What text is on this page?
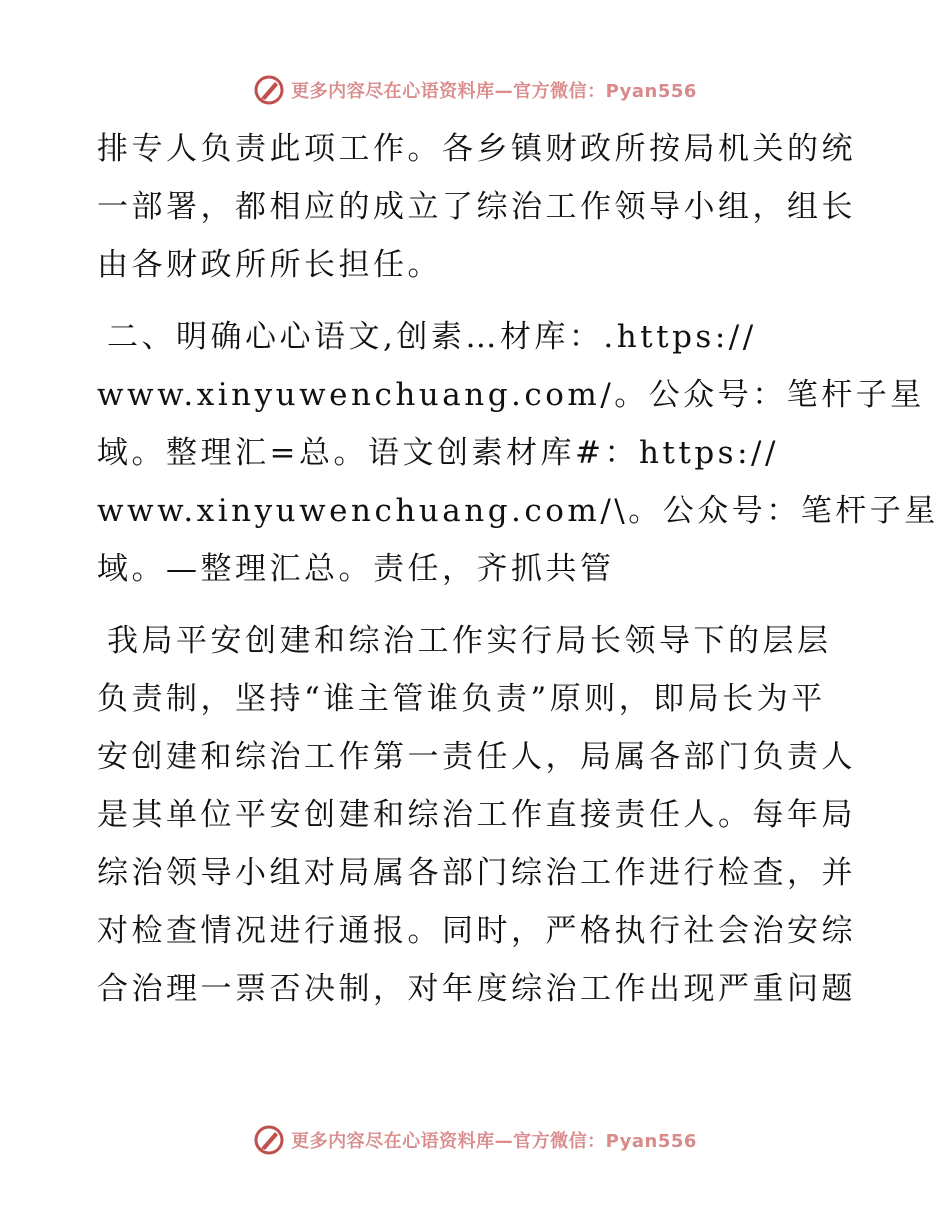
更多内容尽在心语资料库—官方微信：Pyan556
排专人负责此项工作。各乡镇财政所按局机关的统
一部署，都相应的成立了综治工作领导小组，组长
由各财政所所长担任。
二、明确心心语文,创素…材库：.https://
www.xinyuwenchuang.com/。公众号：笔杆子星
域。整理汇=总。语文创素材库#：https://
www.xinyuwenchuang.com/\。公众号：笔杆子星
域。—整理汇总。责任，齐抓共管
我局平安创建和综治工作实行局长领导下的层层
负责制，坚持“谁主管谁负责”原则，即局长为平
安创建和综治工作第一责任人，局属各部门负责人
是其单位平安创建和综治工作直接责任人。每年局
综治领导小组对局属各部门综治工作进行检查，并
对检查情况进行通报。同时，严格执行社会治安综
合治理一票否决制，对年度综治工作出现严重问题
更多内容尽在心语资料库—官方微信：Pyan556
